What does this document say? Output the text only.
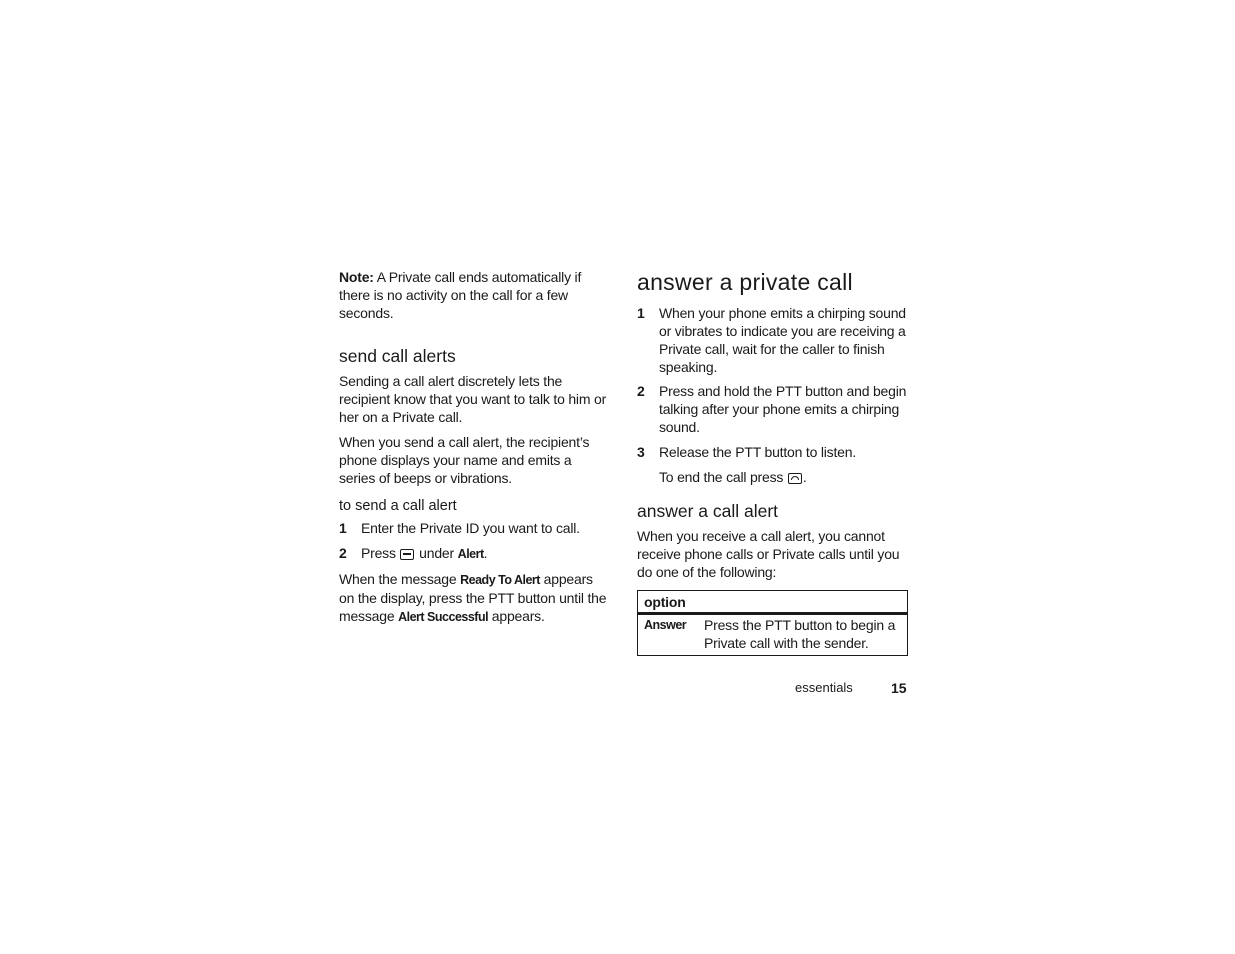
Note: A Private call ends automatically if there is no activity on the call for a few seconds.

send call alerts

Sending a call alert discretely lets the recipient know that you want to talk to him or her on a Private call.

When you send a call alert, the recipient’s phone displays your name and emits a series of beeps or vibrations.

to send a call alert

1 Enter the Private ID you want to call.

2 Press
under Alert.

When the message Ready To Alert appears on the display, press the PTT button until the message Alert Successful appears.

answer a private call

1 When your phone emits a chirping sound or vibrates to indicate you are receiving a Private call, wait for the caller to finish speaking.

2 Press and hold the PTT button and begin talking after your phone emits a chirping sound.

3 Release the PTT button to listen.

To end the call press
.

answer a call alert

When you receive a call alert, you cannot receive phone calls or Private calls until you do one of the following:

option
Answer	Press the PTT button to begin a Private call with the sender.
essentials	15
